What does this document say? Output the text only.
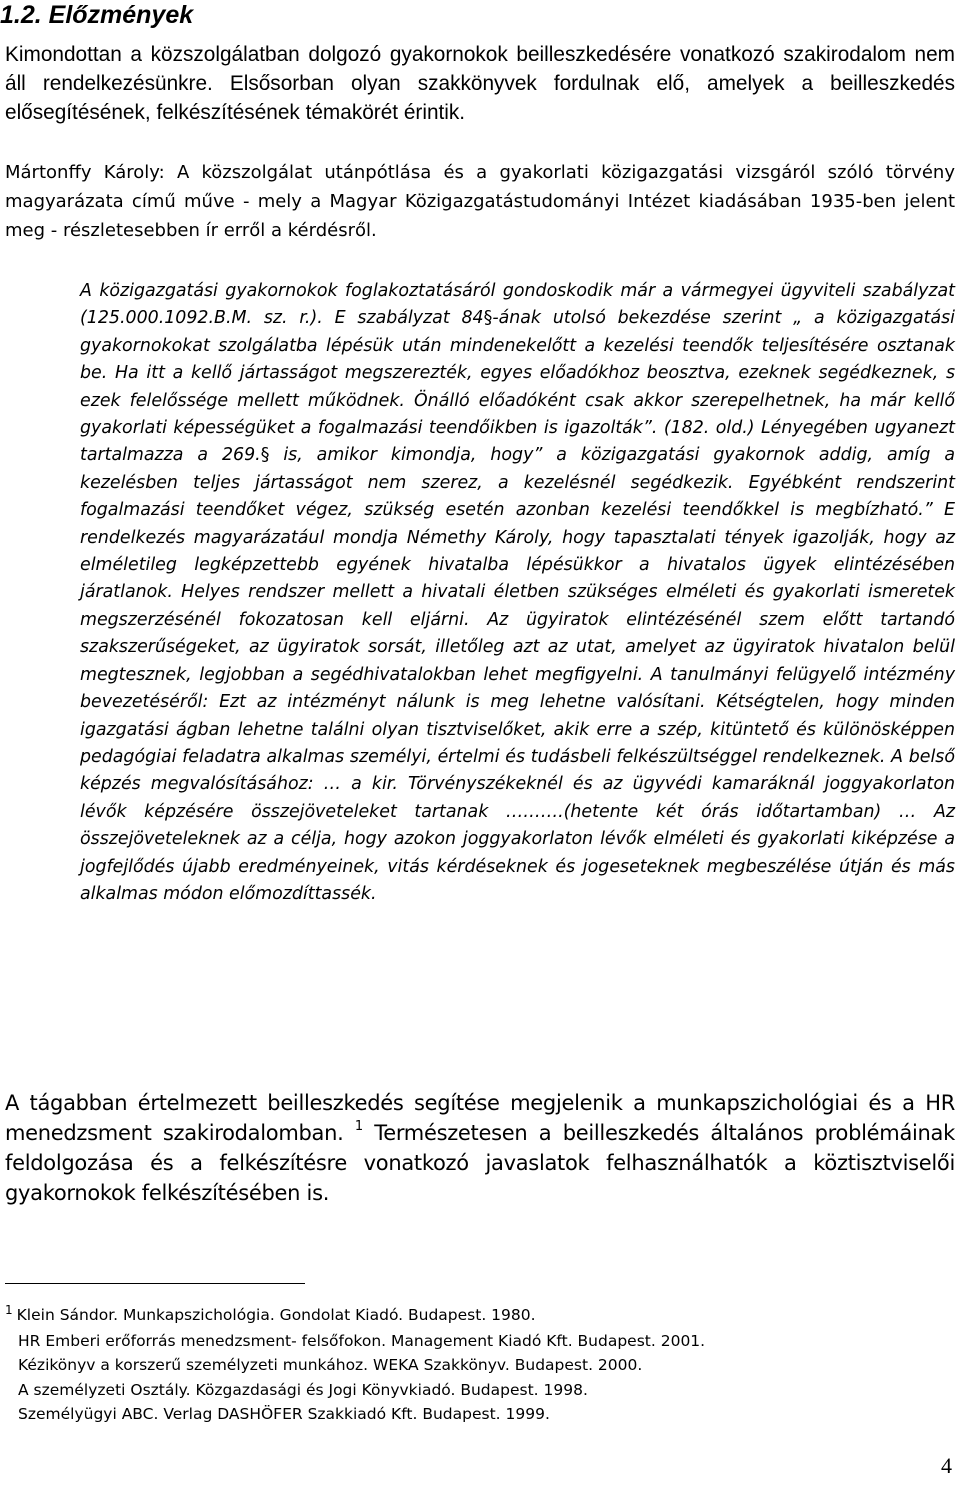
1.2. Előzmények

Kimondottan a közszolgálatban dolgozó gyakornokok beilleszkedésére vonatkozó szakirodalom nem áll rendelkezésünkre. Elsősorban olyan szakkönyvek fordulnak elő, amelyek a beilleszkedés elősegítésének, felkészítésének témakörét érintik.

Mártonffy Károly: A közszolgálat utánpótlása és a gyakorlati közigazgatási vizsgáról szóló törvény magyarázata című műve - mely a Magyar Közigazgatástudományi Intézet kiadásában 1935-ben jelent meg - részletesebben ír erről a kérdésről.

A közigazgatási gyakornokok foglakoztatásáról gondoskodik már a vármegyei ügyviteli szabályzat (125.000.1092.B.M. sz. r.). E szabályzat 84§-ának utolsó bekezdése szerint „ a közigazgatási gyakornokokat szolgálatba lépésük után mindenekelőtt a kezelési teendők teljesítésére osztanak be. Ha itt a kellő jártasságot megszerezték, egyes előadókhoz beosztva, ezeknek segédkeznek, s ezek felelőssége mellett működnek. Önálló előadóként csak akkor szerepelhetnek, ha már kellő gyakorlati képességüket a fogalmazási teendőikben is igazolták”. (182. old.) Lényegében ugyanezt tartalmazza a 269.§ is, amikor kimondja, hogy” a közigazgatási gyakornok addig, amíg a kezelésben teljes jártasságot nem szerez, a kezelésnél segédkezik. Egyébként rendszerint fogalmazási teendőket végez, szükség esetén azonban kezelési teendőkkel is megbízható.” E rendelkezés magyarázatául mondja Némethy Károly, hogy tapasztalati tények igazolják, hogy az elméletileg legképzettebb egyének hivatalba lépésükkor a hivatalos ügyek elintézésében járatlanok. Helyes rendszer mellett a hivatali életben szükséges elméleti és gyakorlati ismeretek megszerzésénél fokozatosan kell eljárni. Az ügyiratok elintézésénél szem előtt tartandó szakszerűségeket, az ügyiratok sorsát, illetőleg azt az utat, amelyet az ügyiratok hivatalon belül megtesznek, legjobban a segédhivatalokban lehet megfigyelni. A tanulmányi felügyelő intézmény bevezetéséről: Ezt az intézményt nálunk is meg lehetne valósítani. Kétségtelen, hogy minden igazgatási ágban lehetne találni olyan tisztviselőket, akik erre a szép, kitüntető és különösképpen pedagógiai feladatra alkalmas személyi, értelmi és tudásbeli felkészültséggel rendelkeznek. A belső képzés megvalósításához: … a kir. Törvényszékeknél és az ügyvédi kamaráknál joggyakorlaton lévők képzésére összejöveteleket tartanak ……….(hetente két órás időtartamban) … Az összejöveteleknek az a célja, hogy azokon joggyakorlaton lévők elméleti és gyakorlati kiképzése a jogfejlődés újabb eredményeinek, vitás kérdéseknek és jogeseteknek megbeszélése útján és más alkalmas módon előmozdíttassék.

A tágabban értelmezett beilleszkedés segítése megjelenik a munkapszichológiai és a HR menedzsment szakirodalomban. $^1$ Természetesen a beilleszkedés általános problémáinak feldolgozása és a felkészítésre vonatkozó javaslatok felhasználhatók a köztisztviselői gyakornokok felkészítésében is.

$^1$ Klein Sándor. Munkapszichológia. Gondolat Kiadó. Budapest. 1980.
HR Emberi erőforrás menedzsment- felsőfokon. Management Kiadó Kft. Budapest. 2001.
Kézikönyv a korszerű személyzeti munkához. WEKA Szakkönyv. Budapest. 2000.
A személyzeti Osztály. Közgazdasági és Jogi Könyvkiadó. Budapest. 1998.
Személyügyi ABC. Verlag DASHÖFER Szakkiadó Kft. Budapest. 1999.
4
